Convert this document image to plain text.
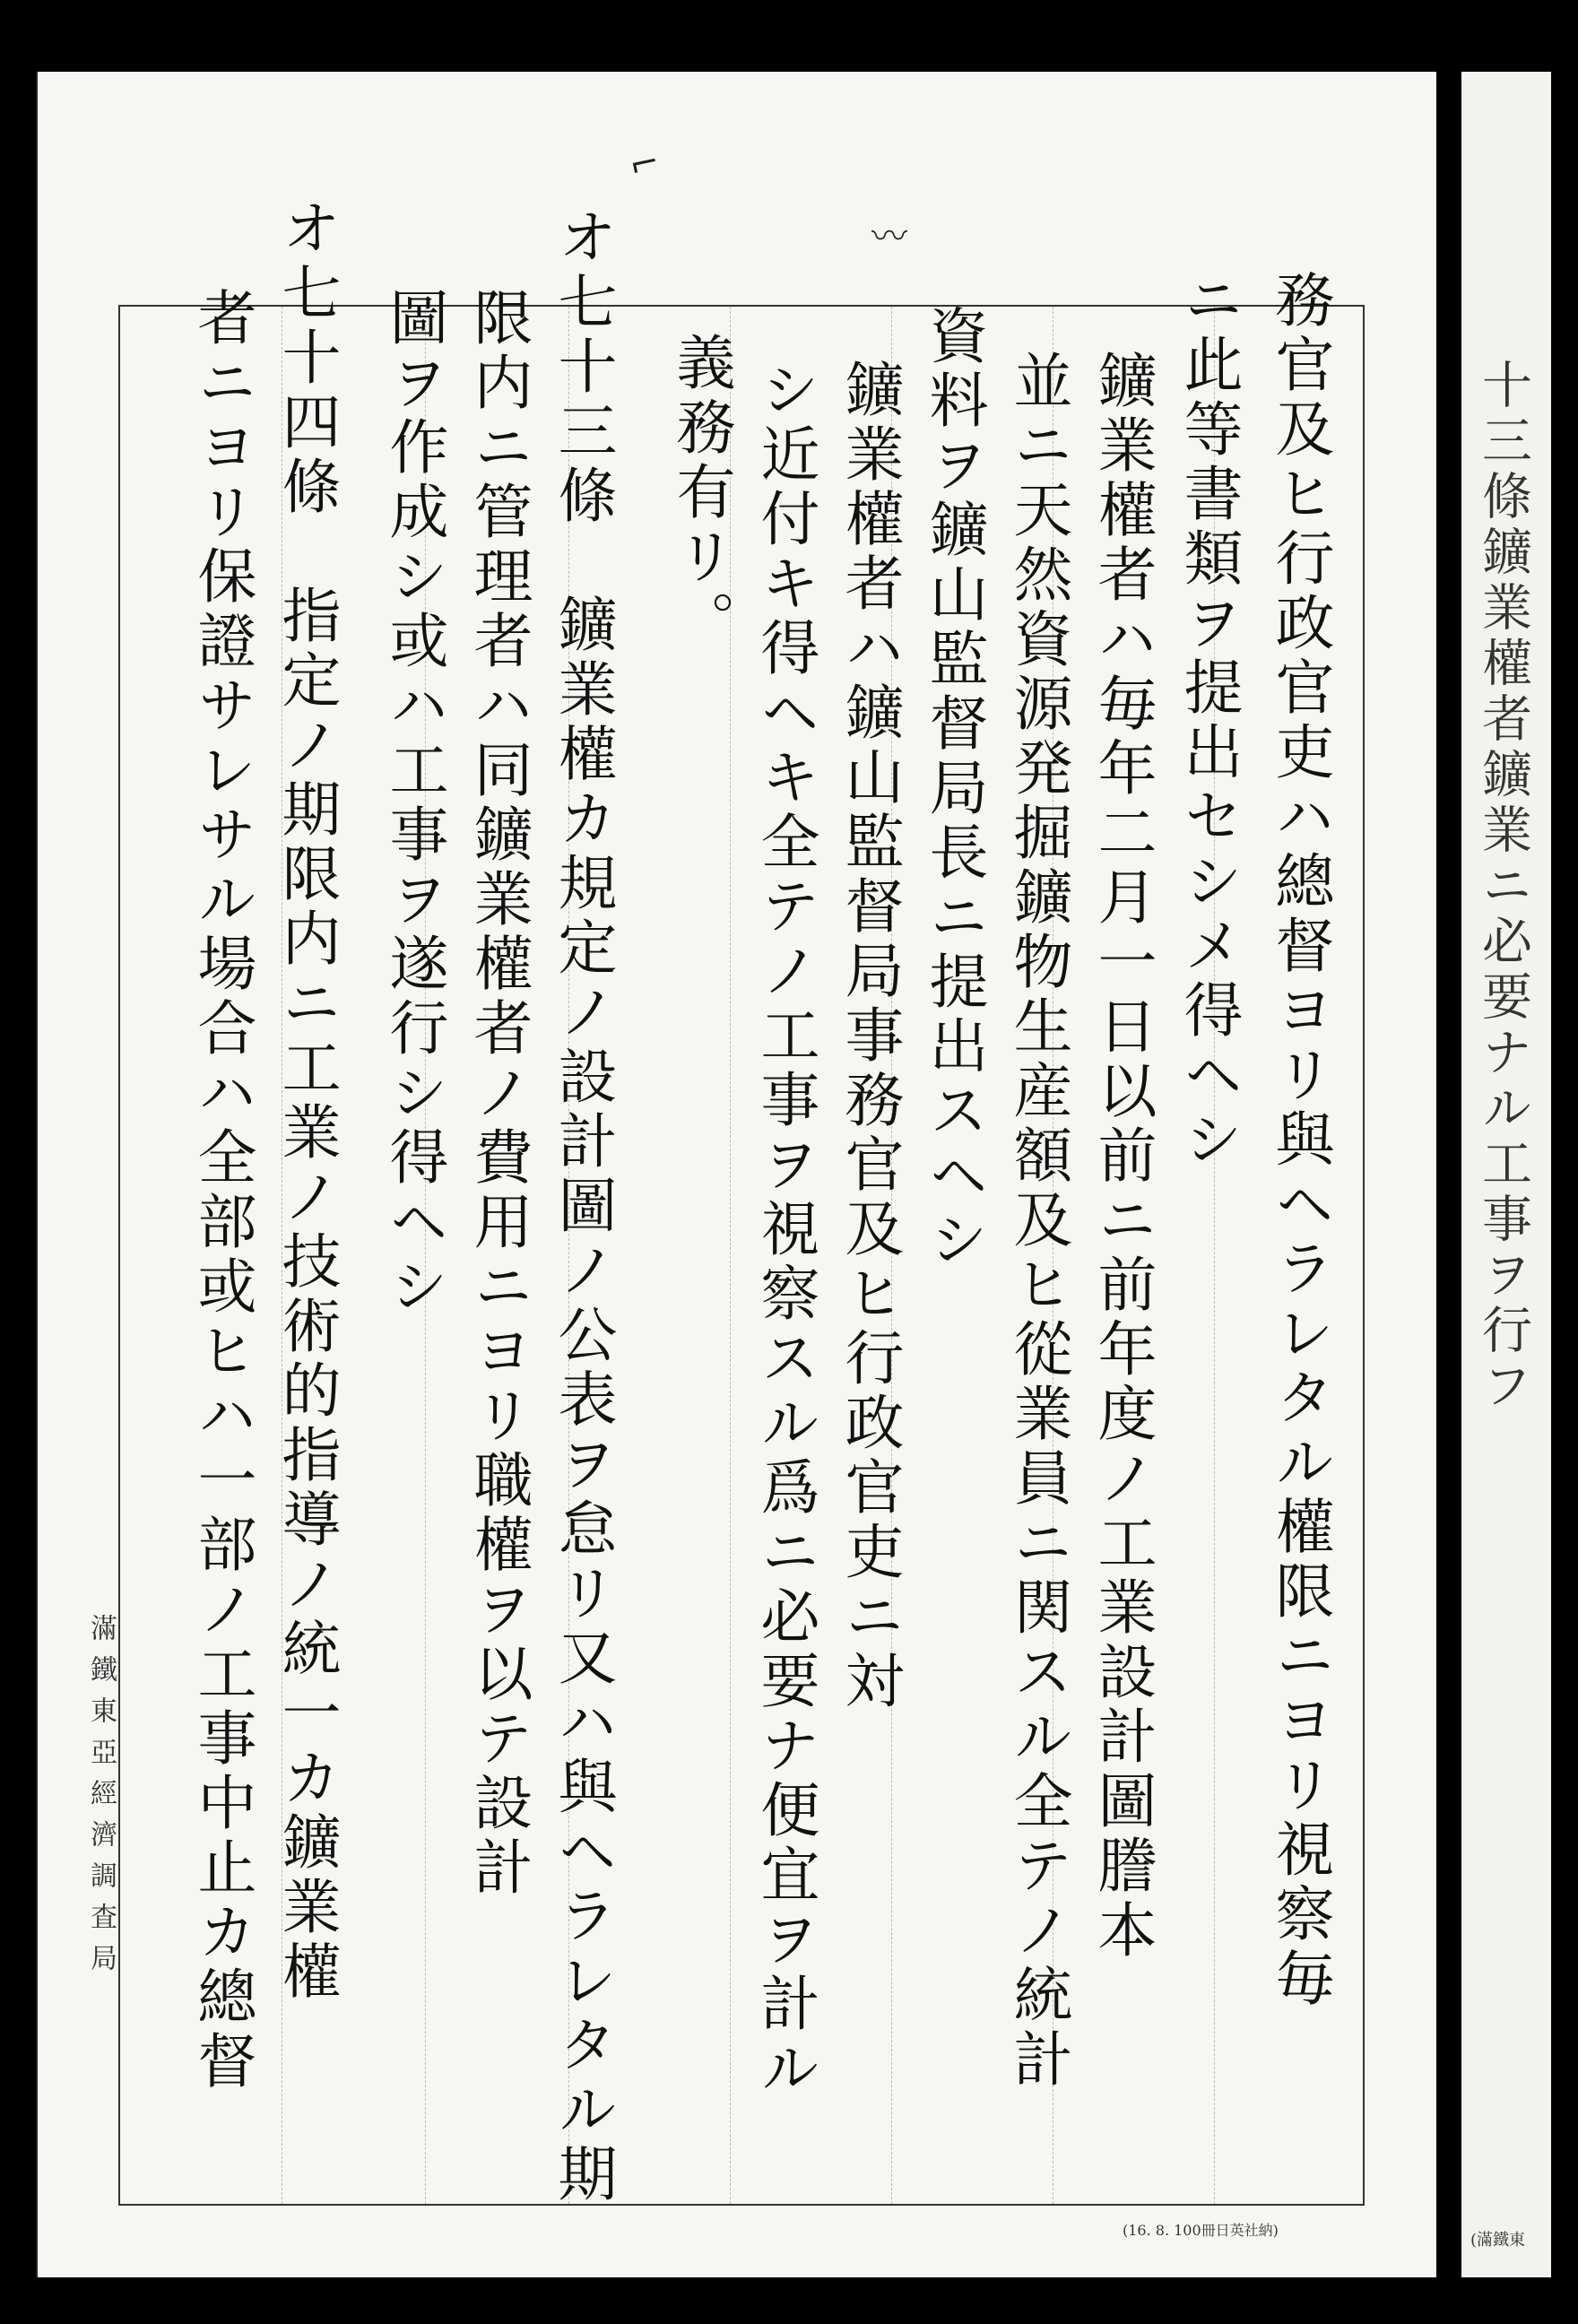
十三條鑛業權者鑛業ニ必要ナル工事ヲ行フ
(滿鐵東
⌐
〰
滿鐵東亞經濟調査局	務官及ヒ行政官吏ハ總督ヨリ與ヘラレタル權限ニヨリ視察毎
ニ此等書類ヲ提出セシメ得ヘシ
鑛業權者ハ毎年二月一日以前ニ前年度ノ工業設計圖謄本
並ニ天然資源発掘鑛物生産額及ヒ從業員ニ関スル全テノ統計
資料ヲ鑛山監督局長ニ提出スヘシ
鑛業權者ハ鑛山監督局事務官及ヒ行政官吏ニ対
シ近付キ得ヘキ全テノ工事ヲ視察スル爲ニ必要ナ便宜ヲ計ル
義務有リ。
オ七十三條　鑛業權カ規定ノ設計圖ノ公表ヲ怠リ又ハ與ヘラレタル期
限内ニ管理者ハ同鑛業權者ノ費用ニヨリ職權ヲ以テ設計
圖ヲ作成シ或ハ工事ヲ遂行シ得ヘシ
オ七十四條　指定ノ期限内ニ工業ノ技術的指導ノ統一カ鑛業權
者ニヨリ保證サレサル場合ハ全部或ヒハ一部ノ工事中止カ總督
(16. 8. 100冊日英社納)
